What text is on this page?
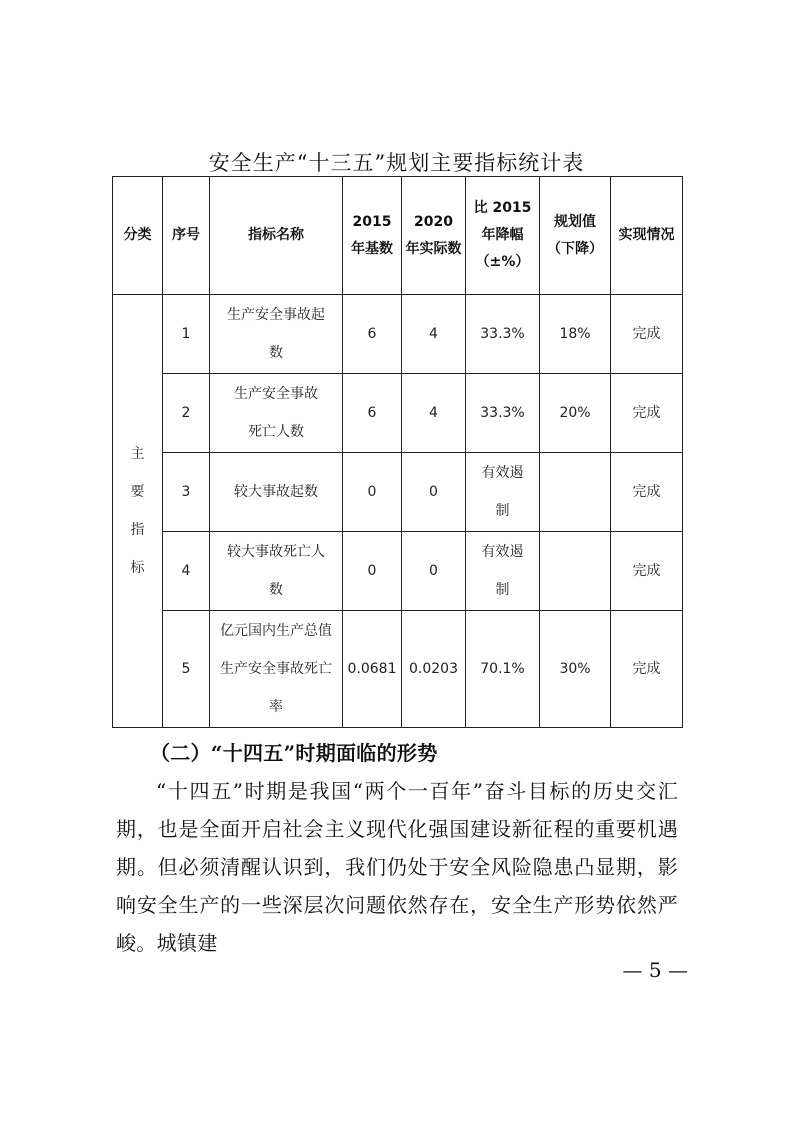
安全生产“十三五”规划主要指标统计表
分类	序号	指标名称	2015 年基数	2020 年实际数	比 2015 年降幅（±%）	规划值（下降）	实现情况
主要指标	1	生产安全事故起数	6	4	33.3%	18%	完成
	2	生产安全事故死亡人数	6	4	33.3%	20%	完成
	3	较大事故起数	0	0	有效遏制		完成
	4	较大事故死亡人数	0	0	有效遏制		完成
	5	亿元国内生产总值生产安全事故死亡率	0.0681	0.0203	70.1%	30%	完成
（二）“十四五”时期面临的形势
“十四五”时期是我国“两个一百年”奋斗目标的历史交汇期，也是全面开启社会主义现代化强国建设新征程的重要机遇期。但必须清醒认识到，我们仍处于安全风险隐患凸显期，影响安全生产的一些深层次问题依然存在，安全生产形势依然严峻。城镇建
— 5 —
